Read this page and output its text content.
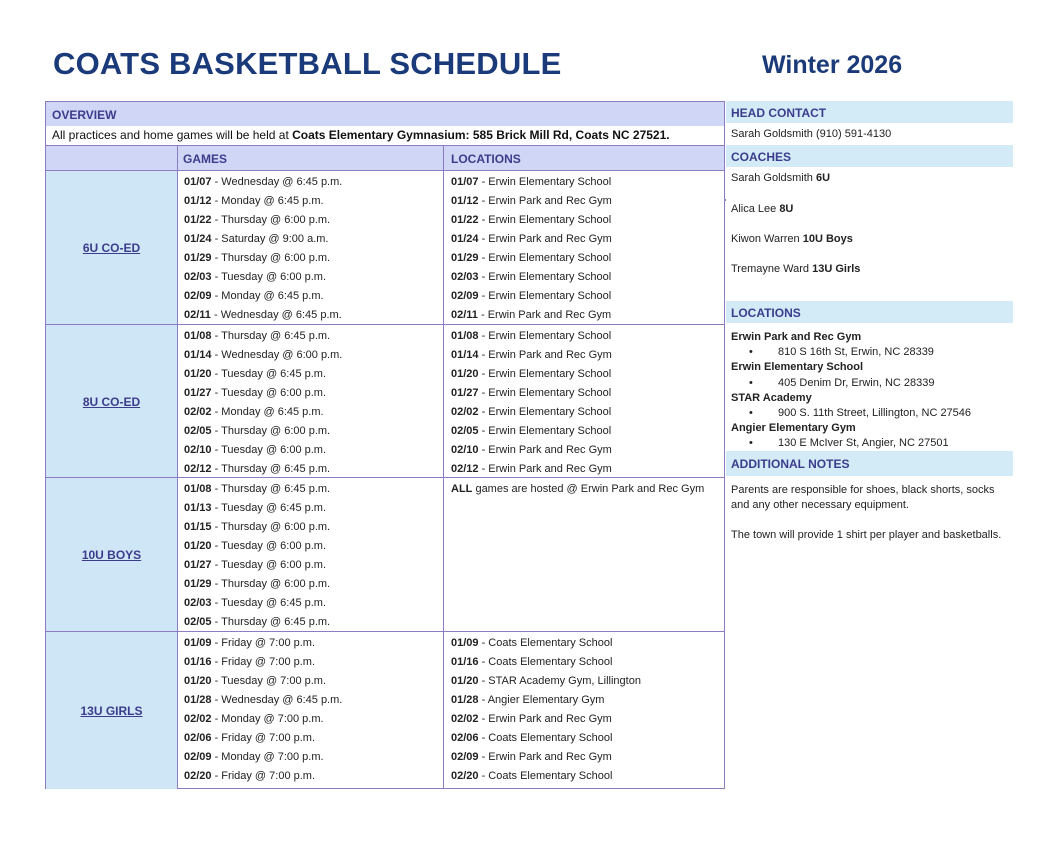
COATS BASKETBALL SCHEDULE	Winter 2026
OVERVIEW
All practices and home games will be held at Coats Elementary Gymnasium: 585 Brick Mill Rd, Coats NC 27521.
GAMES	LOCATIONS
6U CO-ED
01/07 - Wednesday @ 6:45 p.m.
01/12 - Monday @ 6:45 p.m.
01/22 - Thursday @ 6:00 p.m.
01/24 - Saturday @ 9:00 a.m.
01/29 - Thursday @ 6:00 p.m.
02/03 - Tuesday @ 6:00 p.m.
02/09 - Monday @ 6:45 p.m.
02/11 - Wednesday @ 6:45 p.m.
01/07 - Erwin Elementary School
01/12 - Erwin Park and Rec Gym
01/22 - Erwin Elementary School
01/24 - Erwin Park and Rec Gym
01/29 - Erwin Elementary School
02/03 - Erwin Elementary School
02/09 - Erwin Elementary School
02/11 - Erwin Park and Rec Gym
8U CO-ED
01/08 - Thursday @ 6:45 p.m.
01/14 - Wednesday @ 6:00 p.m.
01/20 - Tuesday @ 6:45 p.m.
01/27 - Tuesday @ 6:00 p.m.
02/02 - Monday @ 6:45 p.m.
02/05 - Thursday @ 6:00 p.m.
02/10 - Tuesday @ 6:00 p.m.
02/12 - Thursday @ 6:45 p.m.
01/08 - Erwin Elementary School
01/14 - Erwin Park and Rec Gym
01/20 - Erwin Elementary School
01/27 - Erwin Elementary School
02/02 - Erwin Elementary School
02/05 - Erwin Elementary School
02/10 - Erwin Park and Rec Gym
02/12 - Erwin Park and Rec Gym
10U BOYS
01/08 - Thursday @ 6:45 p.m.
01/13 - Tuesday @ 6:45 p.m.
01/15 - Thursday @ 6:00 p.m.
01/20 - Tuesday @ 6:00 p.m.
01/27 - Tuesday @ 6:00 p.m.
01/29 - Thursday @ 6:00 p.m.
02/03 - Tuesday @ 6:45 p.m.
02/05 - Thursday @ 6:45 p.m.
ALL games are hosted @ Erwin Park and Rec Gym
13U GIRLS
01/09 - Friday @ 7:00 p.m.
01/16 - Friday @ 7:00 p.m.
01/20 - Tuesday @ 7:00 p.m.
01/28 - Wednesday @ 6:45 p.m.
02/02 - Monday @ 7:00 p.m.
02/06 - Friday @ 7:00 p.m.
02/09 - Monday @ 7:00 p.m.
02/20 - Friday @ 7:00 p.m.
01/09 - Coats Elementary School
01/16 - Coats Elementary School
01/20 - STAR Academy Gym, Lillington
01/28 - Angier Elementary Gym
02/02 - Erwin Park and Rec Gym
02/06 - Coats Elementary School
02/09 - Erwin Park and Rec Gym
02/20 - Coats Elementary School
HEAD CONTACT
Sarah Goldsmith (910) 591-4130
COACHES
Sarah Goldsmith 6U
Alica Lee 8U
Kiwon Warren 10U Boys
Tremayne Ward 13U Girls
LOCATIONS
Erwin Park and Rec Gym
• 810 S 16th St, Erwin, NC 28339
Erwin Elementary School
• 405 Denim Dr, Erwin, NC 28339
STAR Academy
• 900 S. 11th Street, Lillington, NC 27546
Angier Elementary Gym
• 130 E McIver St, Angier, NC 27501
ADDITIONAL NOTES
Parents are responsible for shoes, black shorts, socks and any other necessary equipment.
The town will provide 1 shirt per player and basketballs.
